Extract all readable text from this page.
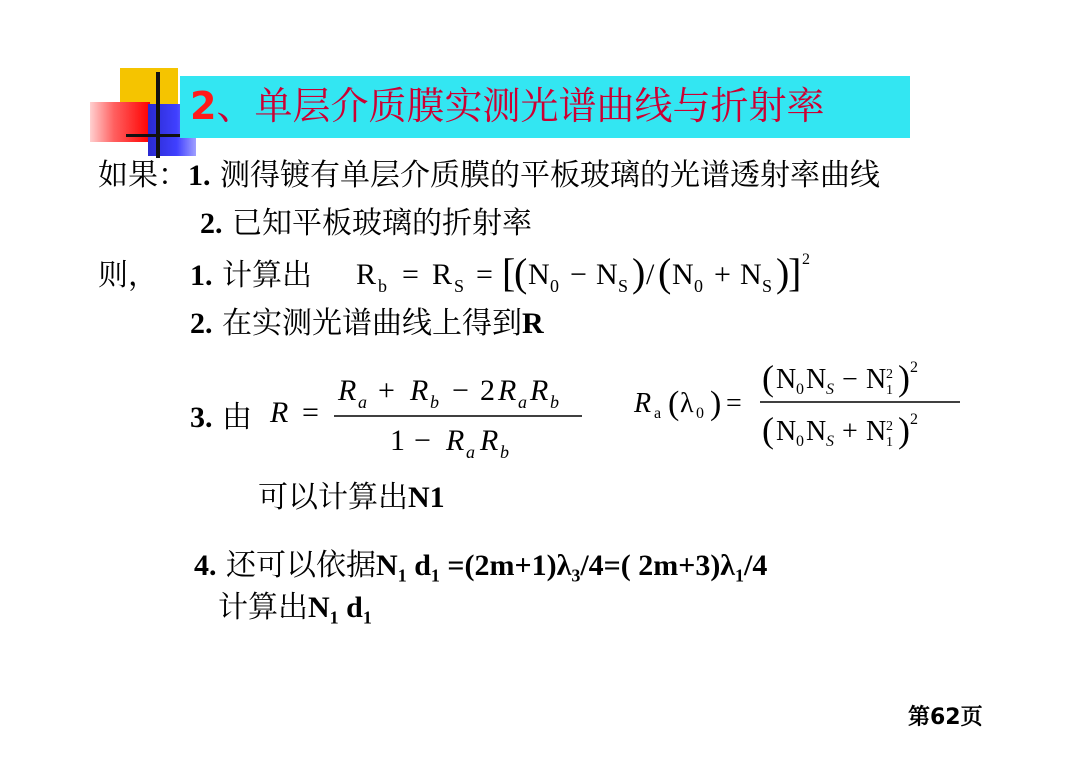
2、单层介质膜实测光谱曲线与折射率
如果：1. 测得镀有单层介质膜的平板玻璃的光谱透射率曲线
2. 已知平板玻璃的折射率
则， 1. 计算出 R b = R S = [
( N 0 − N S ) / ( N 0 + N S )
] 2
2. 在实测光谱曲线上得到R
3. 由 R =
R a + R b − 2 R a R b
1 − R a R b
R a ( λ 0 ) =
( N 0 N S − N 2
1 ) 2
( N 0 N S + N 2
1 ) 2
可以计算出N1
4. 还可以依据$N_1$ $d_1 =(2m+1)\lambda_3/4=$( $2m+3)\lambda_1/4$
计算出$N_1$ $d_1$
第62页
